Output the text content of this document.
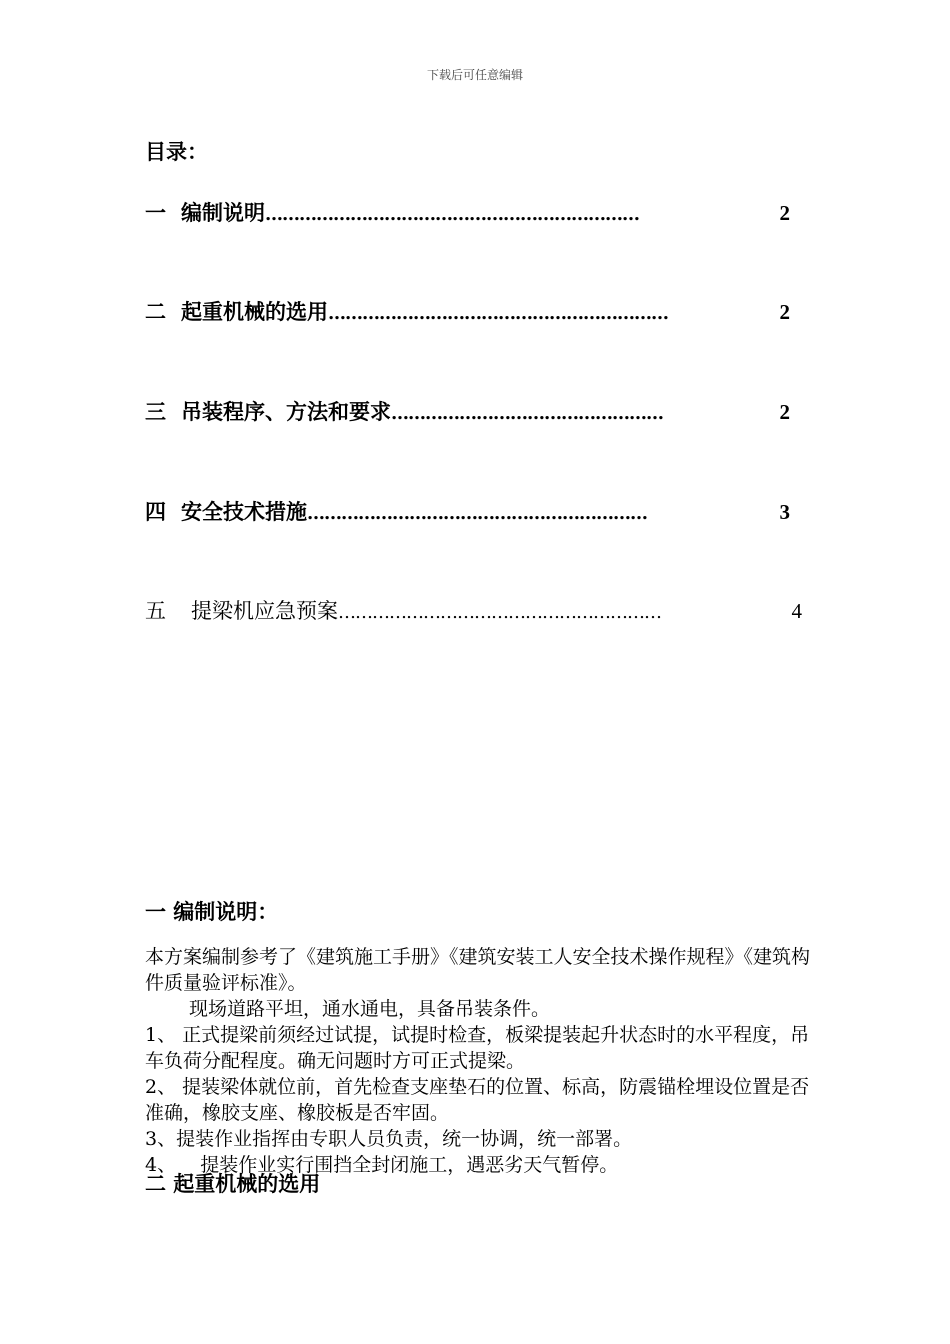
下载后可任意编辑
目录：
一 编制说明 …………………………………………………………	2
二 起重机械的选用 ……………………………………………………	2
三 吊装程序、方法和要求 …………………………………………	2
四 安全技术措施 ……………………………………………………	3
五	提梁机应急预案 …………………………………………………	4
一 编制说明：

本方案编制参考了《建筑施工手册》《建筑安装工人安全技术操作规程》《建筑构件质量验评标准》。

现场道路平坦，通水通电，具备吊装条件。

1、 正式提梁前须经过试提，试提时检查，板梁提装起升状态时的水平程度，吊车负荷分配程度。确无问题时方可正式提梁。

2、 提装梁体就位前，首先检查支座垫石的位置、标高，防震锚栓埋设位置是否准确，橡胶支座、橡胶板是否牢固。

3、提装作业指挥由专职人员负责，统一协调，统一部署。

4、    提装作业实行围挡全封闭施工，遇恶劣天气暂停。

二 起重机械的选用
